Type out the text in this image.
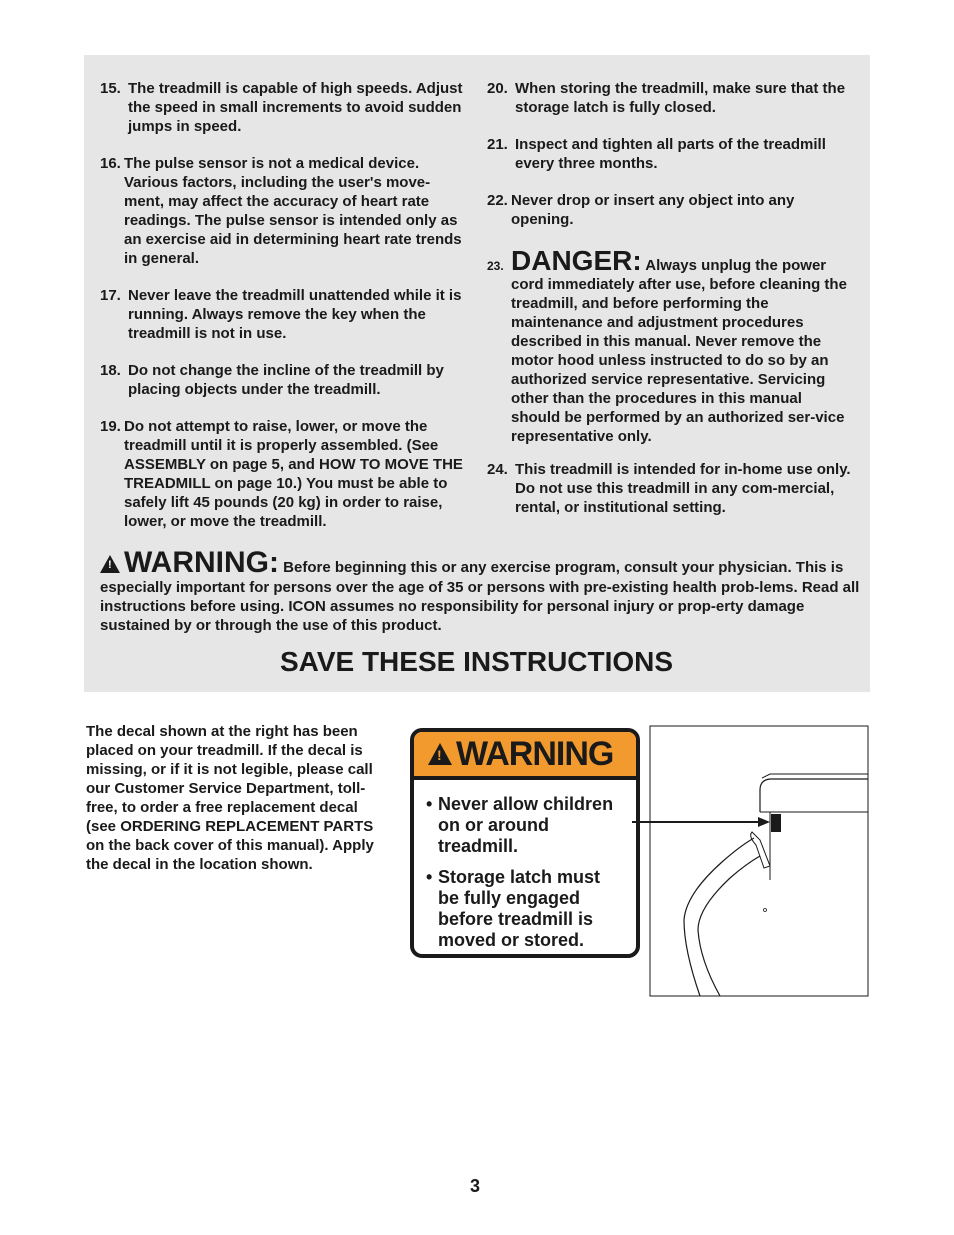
15. The treadmill is capable of high speeds. Adjust the speed in small increments to avoid sudden jumps in speed.
16. The pulse sensor is not a medical device. Various factors, including the user's move-ment, may affect the accuracy of heart rate readings. The pulse sensor is intended only as an exercise aid in determining heart rate trends in general.
17. Never leave the treadmill unattended while it is running. Always remove the key when the treadmill is not in use.
18. Do not change the incline of the treadmill by placing objects under the treadmill.
19. Do not attempt to raise, lower, or move the treadmill until it is properly assembled. (See ASSEMBLY on page 5, and HOW TO MOVE THE TREADMILL on page 10.) You must be able to safely lift 45 pounds (20 kg) in order to raise, lower, or move the treadmill.
20. When storing the treadmill, make sure that the storage latch is fully closed.
21. Inspect and tighten all parts of the treadmill every three months.
22. Never drop or insert any object into any opening.
23. DANGER: Always unplug the power cord immediately after use, before cleaning the treadmill, and before performing the maintenance and adjustment procedures described in this manual. Never remove the motor hood unless instructed to do so by an authorized service representative. Servicing other than the procedures in this manual should be performed by an authorized ser-vice representative only.
24. This treadmill is intended for in-home use only. Do not use this treadmill in any com-mercial, rental, or institutional setting.
! WARNING: Before beginning this or any exercise program, consult your physician. This is especially important for persons over the age of 35 or persons with pre-existing health prob-lems. Read all instructions before using. ICON assumes no responsibility for personal injury or prop-erty damage sustained by or through the use of this product.
SAVE THESE INSTRUCTIONS
The decal shown at the right has been placed on your treadmill. If the decal is missing, or if it is not legible, please call our Customer Service Department, toll-free, to order a free replacement decal (see ORDERING REPLACEMENT PARTS on the back cover of this manual). Apply the decal in the location shown.
! WARNING
• Never allow children on or around treadmill.
• Storage latch must be fully engaged before treadmill is moved or stored.
3
